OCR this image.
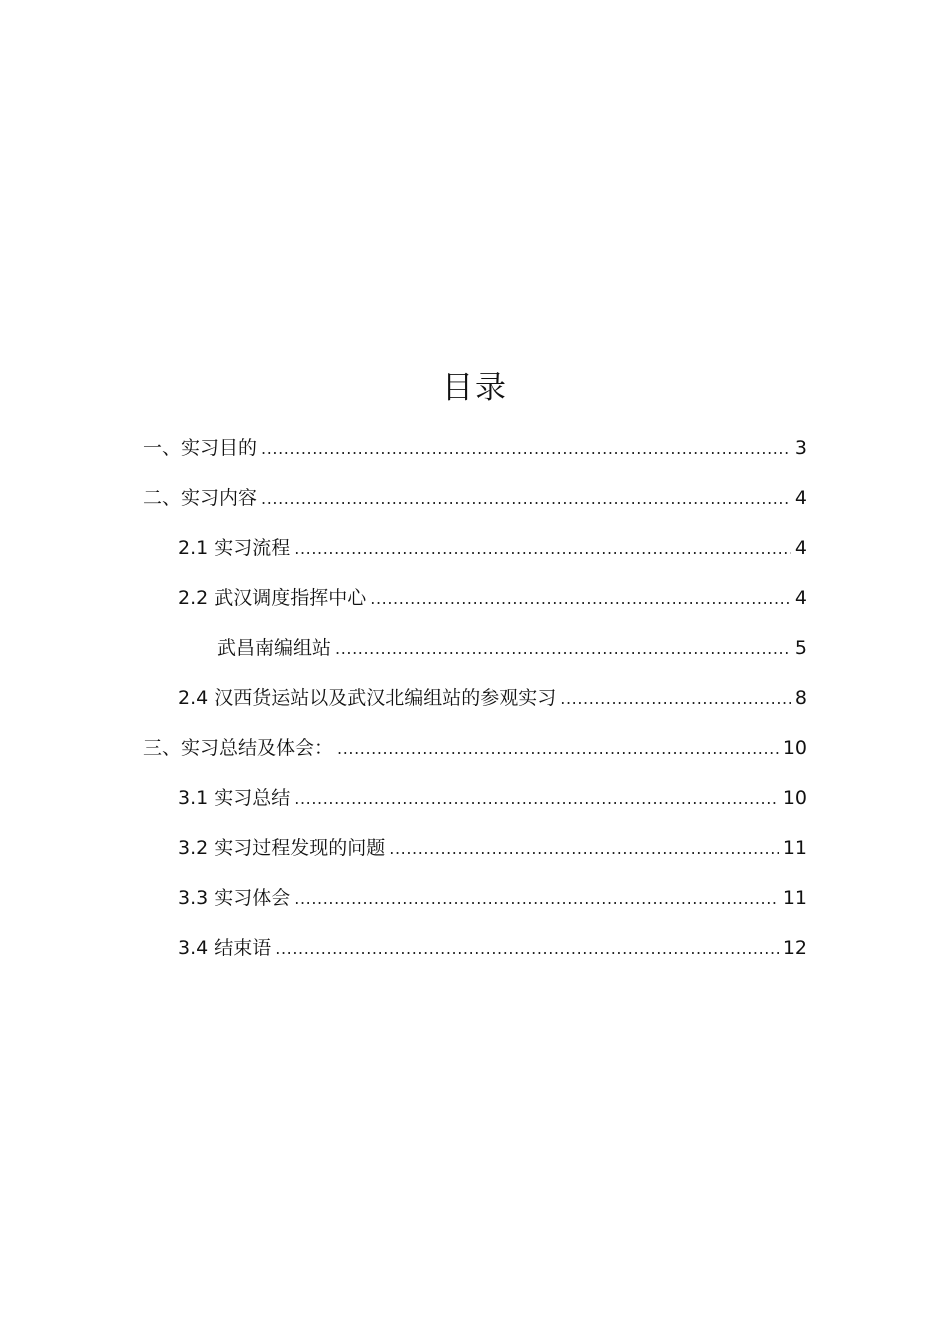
目录
一、实习目的 .....	3
二、实习内容 .....	4
2.1 实习流程 .....	4
2.2 武汉调度指挥中心 .....	4
武昌南编组站 .....	5
2.4 汉西货运站以及武汉北编组站的参观实习 .....	8
三、实习总结及体会： .....	10
3.1 实习总结 .....	10
3.2 实习过程发现的问题 .....	11
3.3 实习体会 .....	11
3.4 结束语 .....	12
